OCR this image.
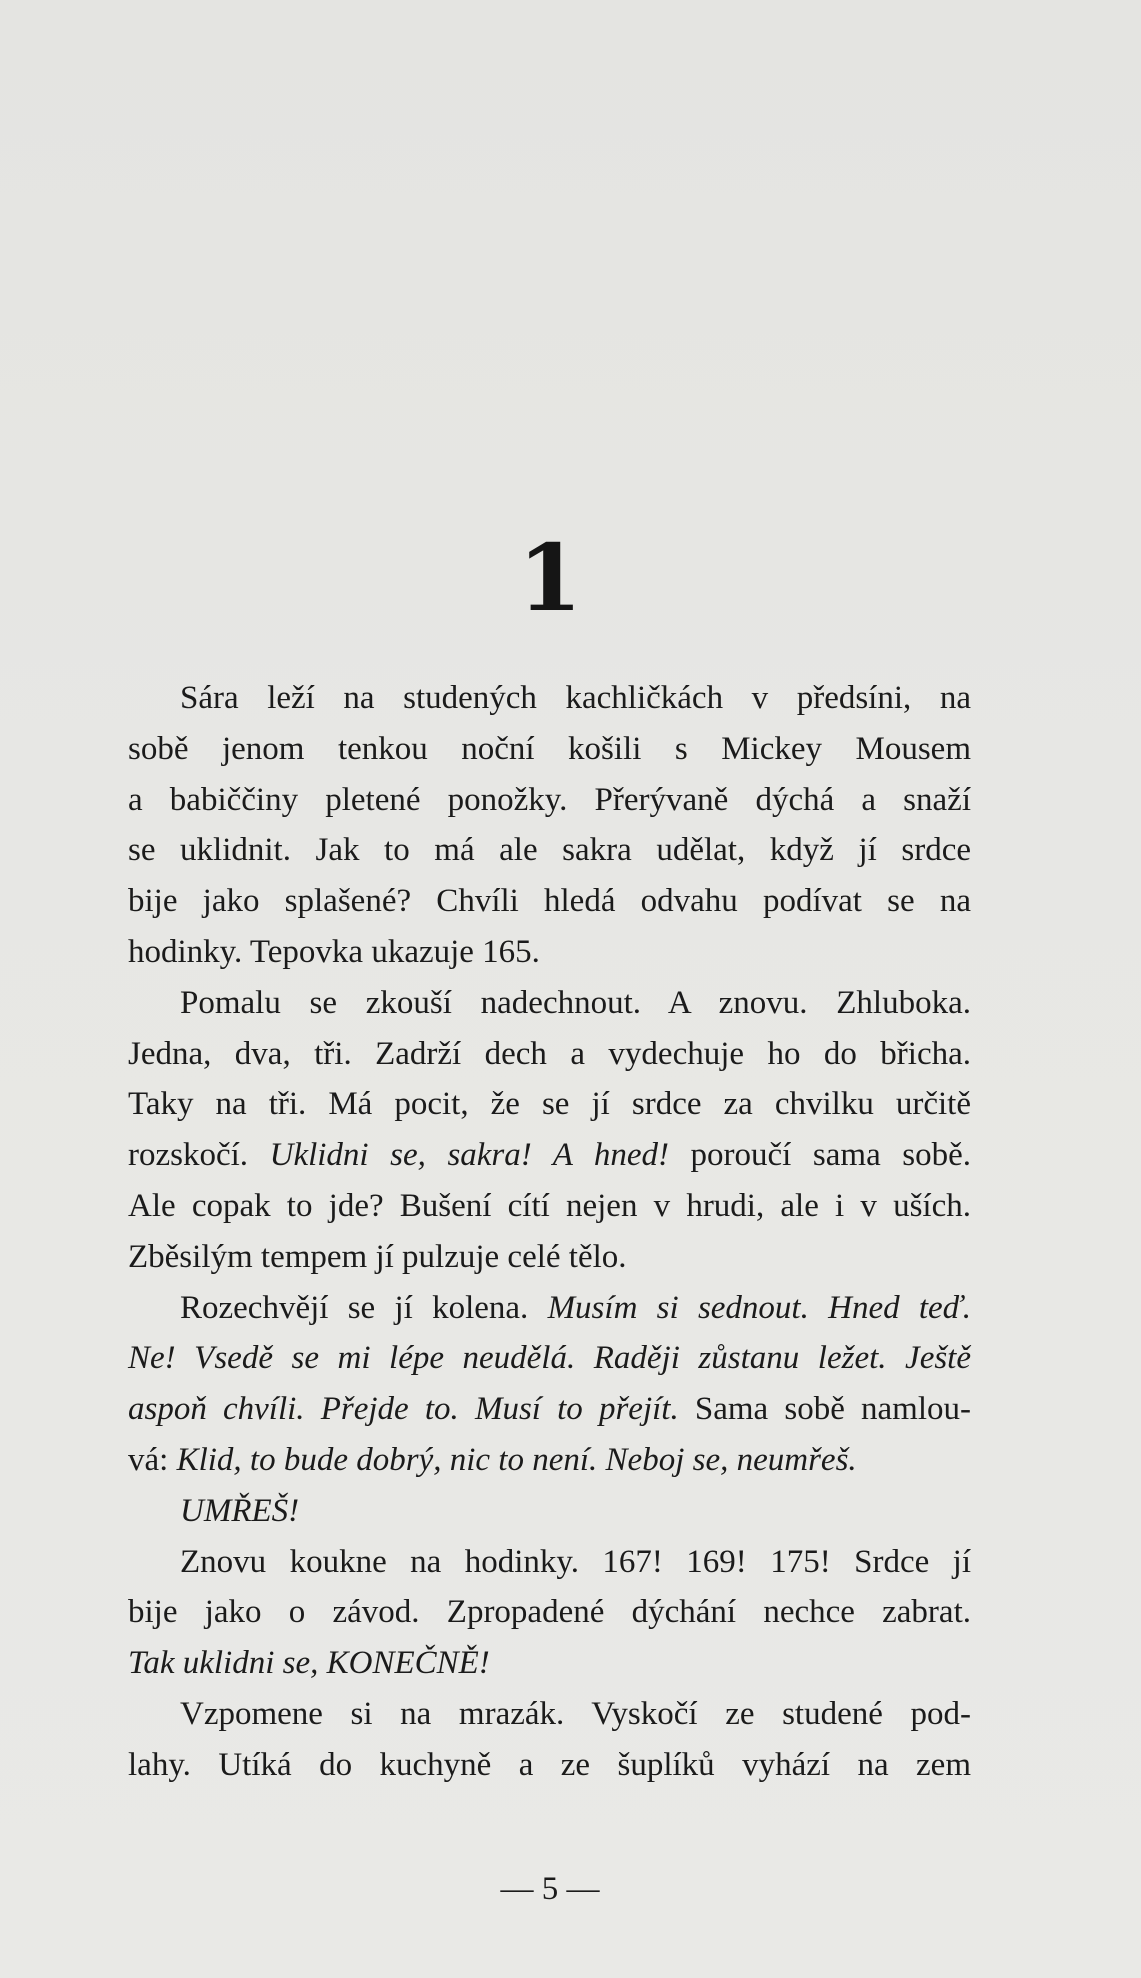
1
Sára leží na studených kachličkách v předsíni, na
sobě jenom tenkou noční košili s Mickey Mousem
a babiččiny pletené ponožky. Přerývaně dýchá a snaží
se uklidnit. Jak to má ale sakra udělat, když jí srdce
bije jako splašené? Chvíli hledá odvahu podívat se na
hodinky. Tepovka ukazuje 165.
Pomalu se zkouší nadechnout. A znovu. Zhluboka.
Jedna, dva, tři. Zadrží dech a vydechuje ho do břicha.
Taky na tři. Má pocit, že se jí srdce za chvilku určitě
rozskočí. Uklidni se, sakra! A hned! poroučí sama sobě.
Ale copak to jde? Bušení cítí nejen v hrudi, ale i v uších.
Zběsilým tempem jí pulzuje celé tělo.
Rozechvějí se jí kolena. Musím si sednout. Hned teď.
Ne! Vsedě se mi lépe neudělá. Raději zůstanu ležet. Ještě
aspoň chvíli. Přejde to. Musí to přejít. Sama sobě namlou-
vá: Klid, to bude dobrý, nic to není. Neboj se, neumřeš.
UMŘEŠ!
Znovu koukne na hodinky. 167! 169! 175! Srdce jí
bije jako o závod. Zpropadené dýchání nechce zabrat.
Tak uklidni se, KONEČNĚ!
Vzpomene si na mrazák. Vyskočí ze studené pod-
lahy. Utíká do kuchyně a ze šuplíků vyhází na zem
— 5 —
